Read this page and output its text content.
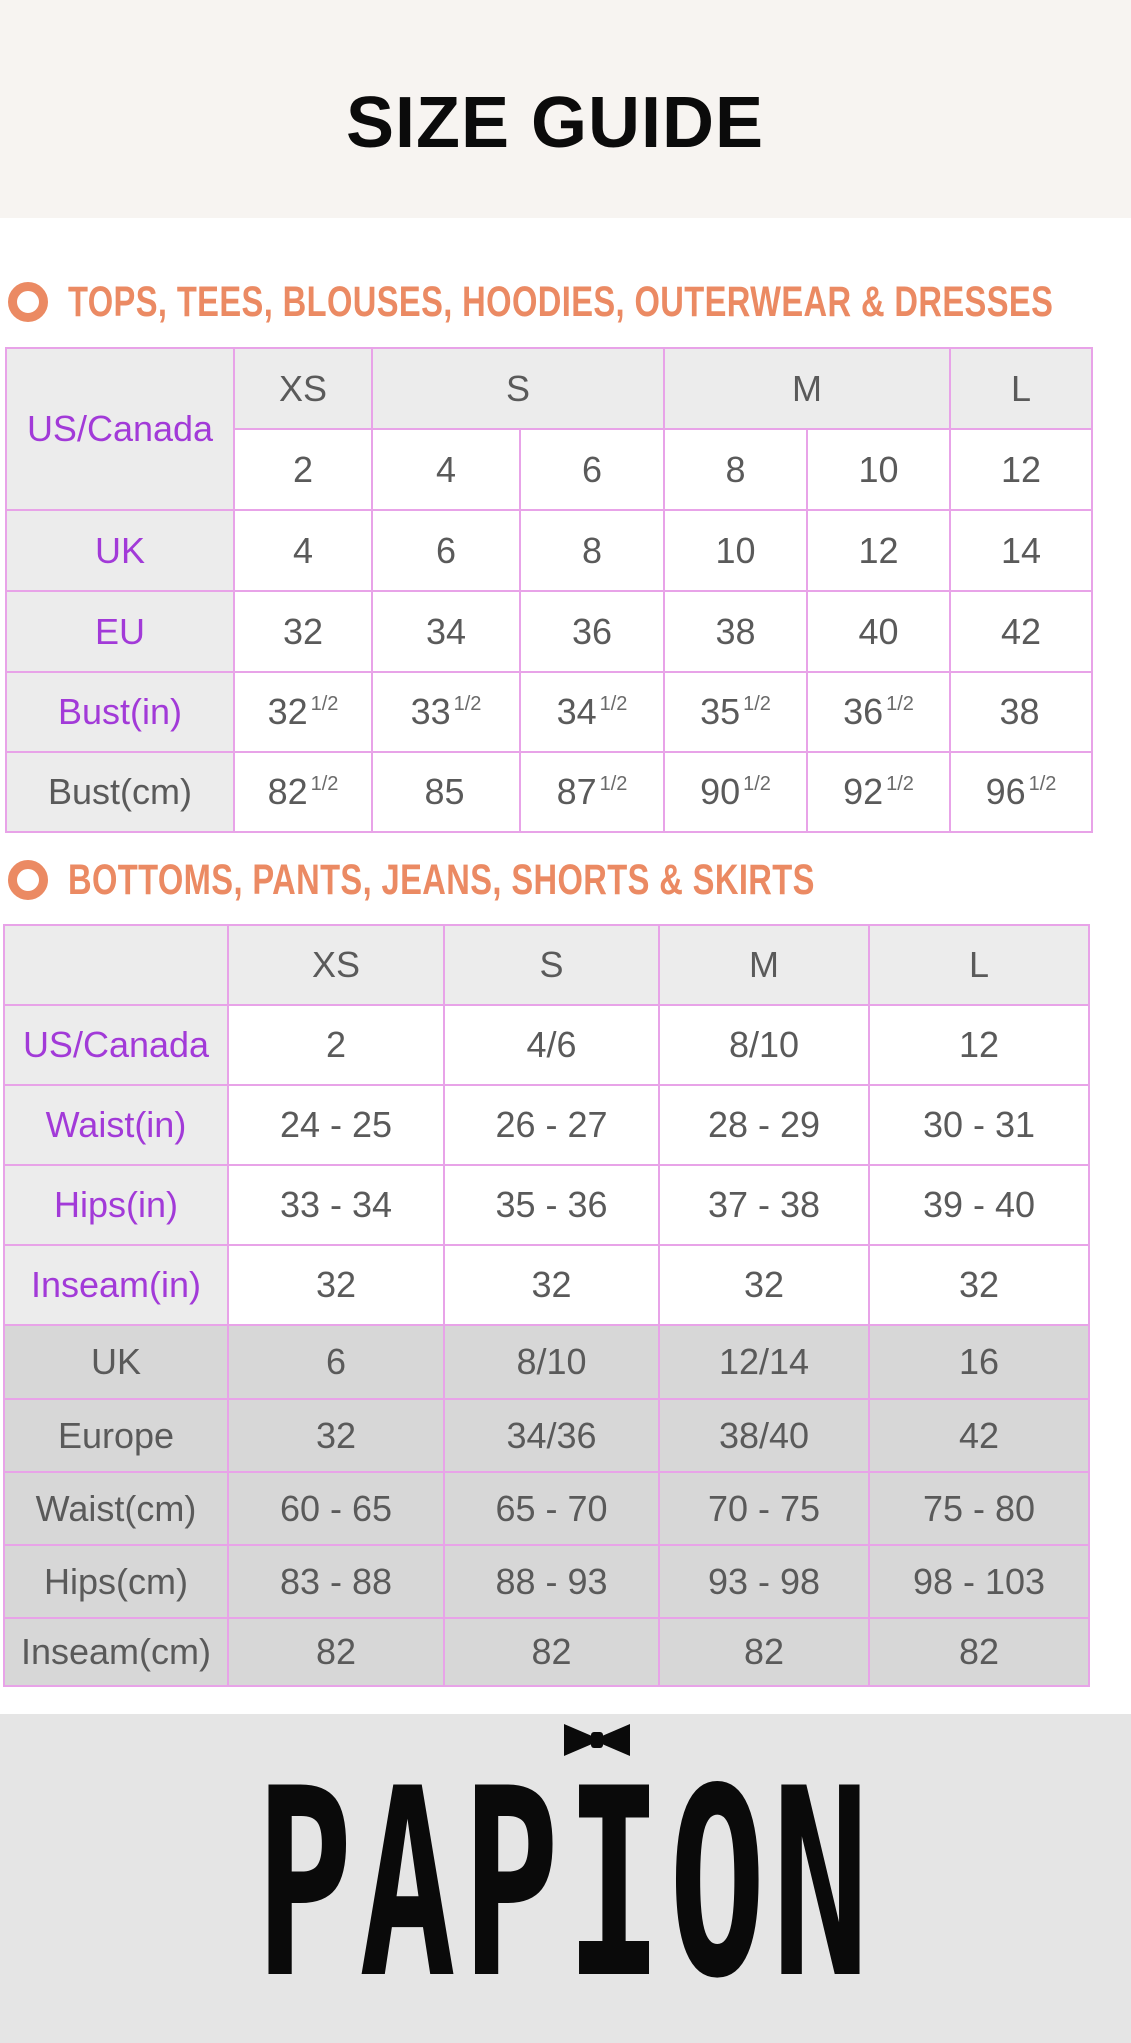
SIZE GUIDE
TOPS, TEES, BLOUSES, HOODIES, OUTERWEAR & DRESSES
US/Canada	XS	S		M		L
	2	4	6	8	10	12
UK	4	6	8	10	12	14
EU	32	34	36	38	40	42
Bust(in)	32 $^{1/2}$	33 $^{1/2}$	34 $^{1/2}$	35 $^{1/2}$	36 $^{1/2}$	38
Bust(cm)	82 $^{1/2}$	85	87 $^{1/2}$	90 $^{1/2}$	92 $^{1/2}$	96 $^{1/2}$
BOTTOMS, PANTS, JEANS, SHORTS & SKIRTS
	XS	S	M	L
US/Canada	2	4/6	8/10	12
Waist(in)	24 - 25	26 - 27	28 - 29	30 - 31
Hips(in)	33 - 34	35 - 36	37 - 38	39 - 40
Inseam(in)	32	32	32	32
UK	6	8/10	12/14	16
Europe	32	34/36	38/40	42
Waist(cm)	60 - 65	65 - 70	70 - 75	75 - 80
Hips(cm)	83 - 88	88 - 93	93 - 98	98 - 103
Inseam(cm)	82	82	82	82
PAPION
